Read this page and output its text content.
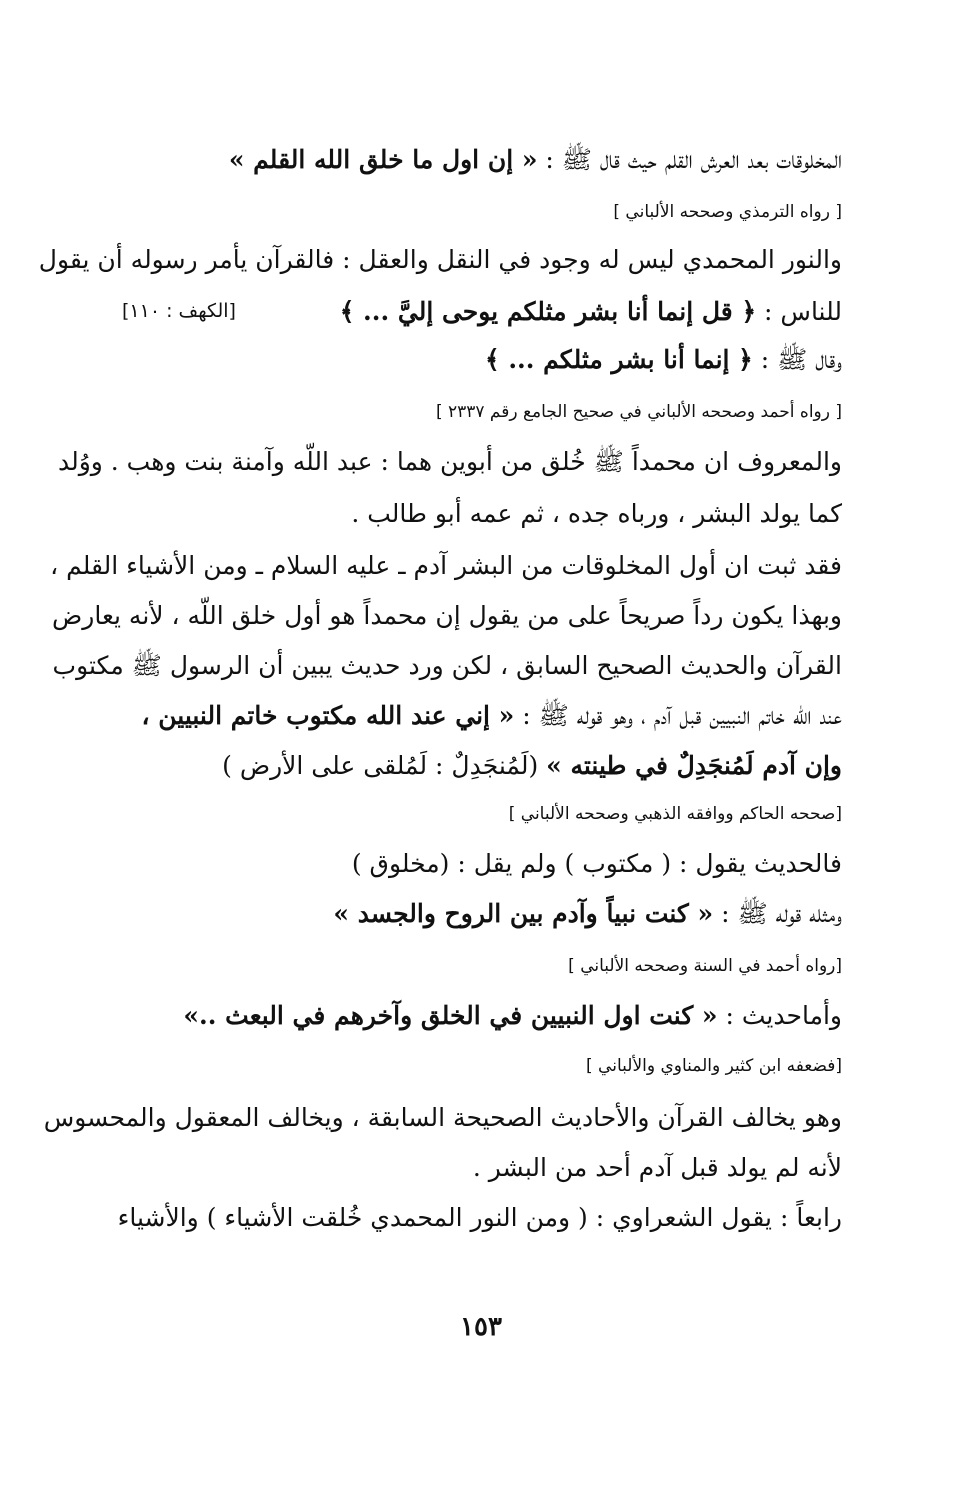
المخلوقات بعد العرش القلم حيث قال ﷺ : « إن اول ما خلق الله القلم »
[ رواه الترمذي وصححه الألباني ]
والنور المحمدي ليس له وجود في النقل والعقل : فالقرآن يأمر رسوله أن يقول
للناس : ﴿ قل إنما أنا بشر مثلكم يوحى إليَّ ... ﴾
[الكهف : ١١٠]
وقال ﷺ : ﴿ إنما أنا بشر مثلكم ... ﴾
[ رواه أحمد وصححه الألباني في صحيح الجامع رقم ٢٣٣٧ ]
والمعروف ان محمداً ﷺ خُلق من أبوين هما : عبد اللّه وآمنة بنت وهب . ووُلد
كما يولد البشر ، ورباه جده ، ثم عمه أبو طالب .
فقد ثبت ان أول المخلوقات من البشر آدم ـ عليه السلام ـ ومن الأشياء القلم ،
وبهذا يكون رداً صريحاً على من يقول إن محمداً هو أول خلق اللّه ، لأنه يعارض
القرآن والحديث الصحيح السابق ، لكن ورد حديث يبين أن الرسول ﷺ مكتوب
عند اللّه خاتم النبيين قبل آدم ، وهو قوله ﷺ : « إني عند الله مكتوب خاتم النبيين ،
وإن آدم لَمُنجَدِلٌ في طينته » (لَمُنجَدِلٌ : لَمُلقى على الأرض )
[صححه الحاكم ووافقه الذهبي وصححه الألباني ]
فالحديث يقول : ( مكتوب ) ولم يقل : (مخلوق )
ومثله قوله ﷺ : « كنت نبياً وآدم بين الروح والجسد »
[رواه أحمد في السنة وصححه الألباني ]
وأماحديث : « كنت اول النبيين في الخلق وآخرهم في البعث ..»
[فضعفه ابن كثير والمناوي والألباني ]
وهو يخالف القرآن والأحاديث الصحيحة السابقة ، ويخالف المعقول والمحسوس
لأنه لم يولد قبل آدم أحد من البشر .
رابعاً : يقول الشعراوي : ( ومن النور المحمدي خُلقت الأشياء ) والأشياء
١٥٣
